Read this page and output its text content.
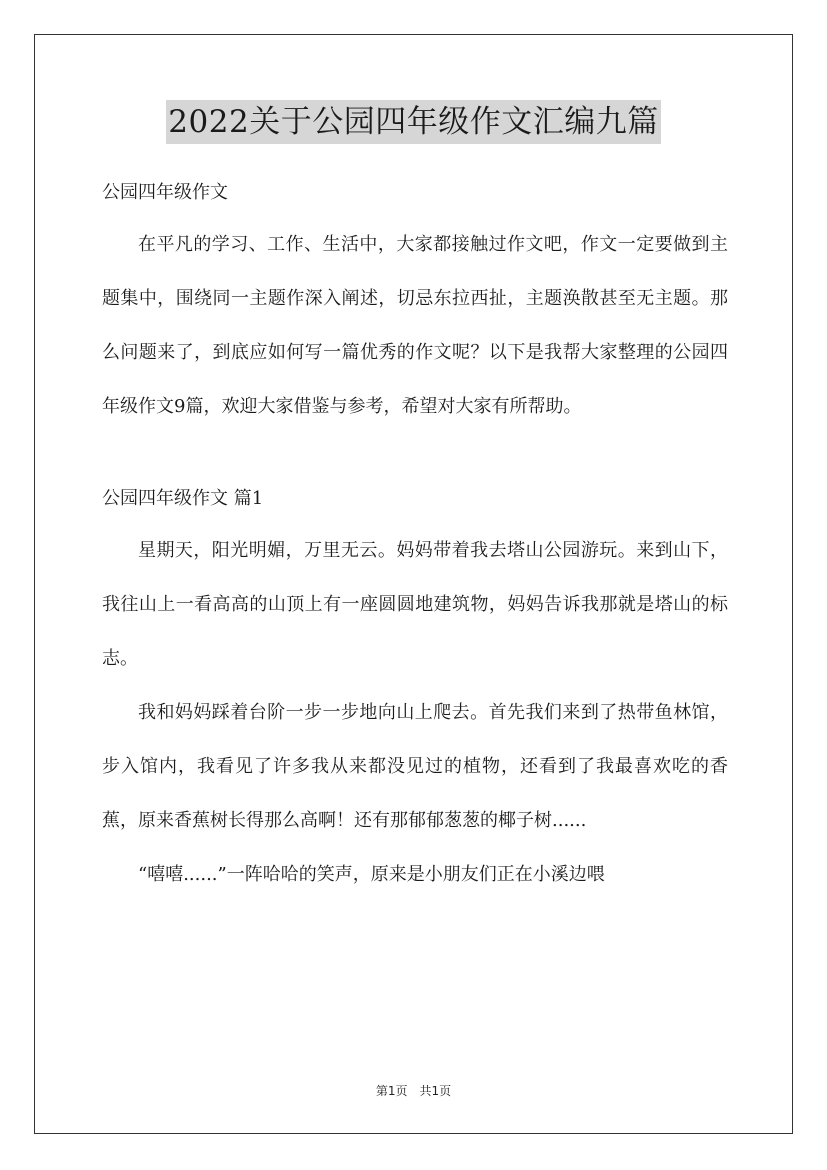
2022关于公园四年级作文汇编九篇

公园四年级作文

在平凡的学习、工作、生活中，大家都接触过作文吧，作文一定要做到主题集中，围绕同一主题作深入阐述，切忌东拉西扯，主题涣散甚至无主题。那么问题来了，到底应如何写一篇优秀的作文呢？以下是我帮大家整理的公园四年级作文9篇，欢迎大家借鉴与参考，希望对大家有所帮助。

公园四年级作文 篇1

星期天，阳光明媚，万里无云。妈妈带着我去塔山公园游玩。来到山下，我往山上一看高高的山顶上有一座圆圆地建筑物，妈妈告诉我那就是塔山的标志。

我和妈妈踩着台阶一步一步地向山上爬去。首先我们来到了热带鱼林馆，步入馆内，我看见了许多我从来都没见过的植物，还看到了我最喜欢吃的香蕉，原来香蕉树长得那么高啊！还有那郁郁葱葱的椰子树......

“嘻嘻......”一阵哈哈的笑声，原来是小朋友们正在小溪边喂

第1页　共1页
